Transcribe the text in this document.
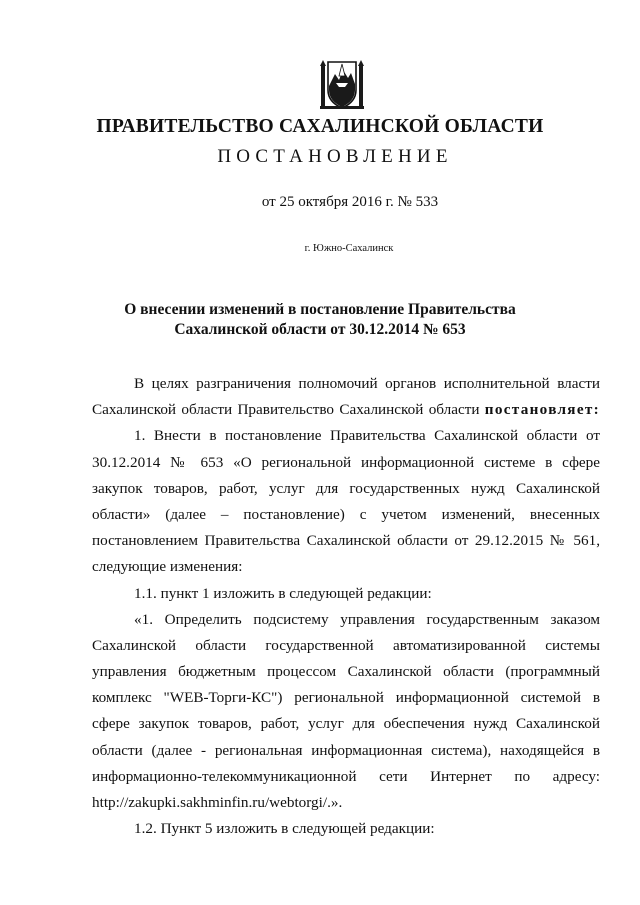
ПРАВИТЕЛЬСТВО САХАЛИНСКОЙ ОБЛАСТИ
ПОСТАНОВЛЕНИЕ
от 25 октября 2016 г. № 533
г. Южно-Сахалинск
О внесении изменений в постановление Правительства
Сахалинской области от 30.12.2014 № 653
В целях разграничения полномочий органов исполнительной власти
Сахалинской области Правительство Сахалинской области постановляет:
1. Внести в постановление Правительства Сахалинской области от
30.12.2014 № 653 «О региональной информационной системе в сфере
закупок товаров, работ, услуг для государственных нужд Сахалинской
области» (далее – постановление) с учетом изменений, внесенных
постановлением Правительства Сахалинской области от 29.12.2015 № 561,
следующие изменения:
1.1. пункт 1 изложить в следующей редакции:
«1. Определить подсистему управления государственным заказом
Сахалинской области государственной автоматизированной системы
управления бюджетным процессом Сахалинской области (программный
комплекс "WEB-Торги-КС") региональной информационной системой в
сфере закупок товаров, работ, услуг для обеспечения нужд Сахалинской
области (далее - региональная информационная система), находящейся в
информационно-телекоммуникационной сети Интернет по адресу:
http://zakupki.sakhminfin.ru/webtorgi/.».
1.2. Пункт 5 изложить в следующей редакции:
